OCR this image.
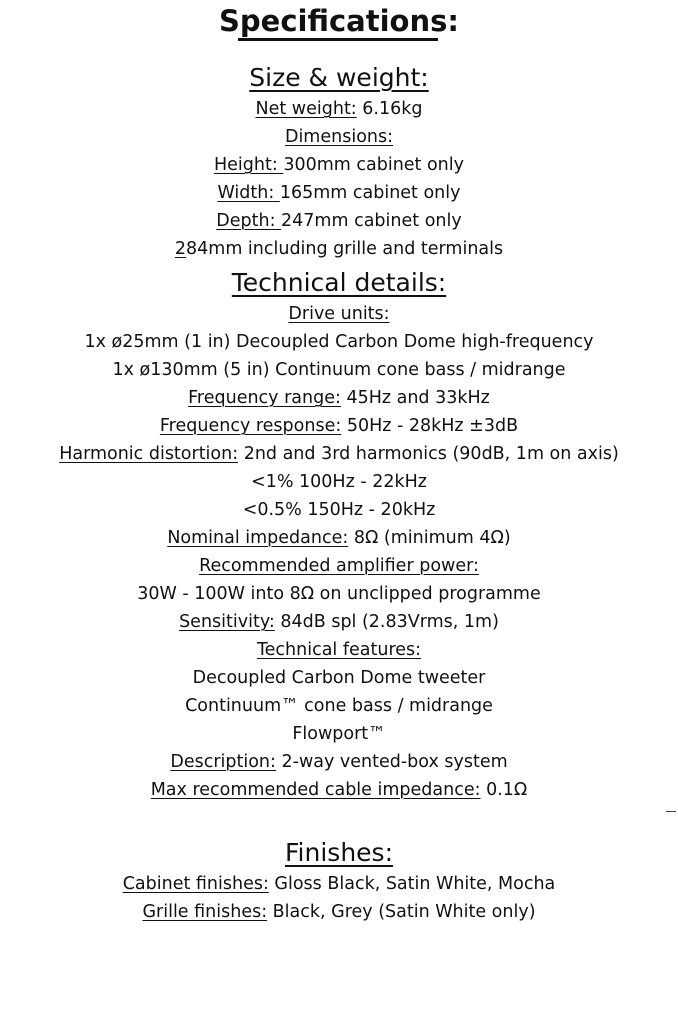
Specifications:
Size & weight:
Net weight: 6.16kg
Dimensions:
Height: 300mm cabinet only
Width: 165mm cabinet only
Depth: 247mm cabinet only
284mm including grille and terminals
Technical details:
Drive units:
1x ø25mm (1 in) Decoupled Carbon Dome high-frequency
1x ø130mm (5 in) Continuum cone bass / midrange
Frequency range: 45Hz and 33kHz
Frequency response: 50Hz - 28kHz ±3dB
Harmonic distortion: 2nd and 3rd harmonics (90dB, 1m on axis)
<1% 100Hz - 22kHz
<0.5% 150Hz - 20kHz
Nominal impedance: 8Ω (minimum 4Ω)
Recommended amplifier power:
30W - 100W into 8Ω on unclipped programme
Sensitivity: 84dB spl (2.83Vrms, 1m)
Technical features:
Decoupled Carbon Dome tweeter
Continuum™ cone bass / midrange
Flowport™
Description: 2-way vented-box system
Max recommended cable impedance: 0.1Ω
Finishes:
Cabinet finishes: Gloss Black, Satin White, Mocha
Grille finishes: Black, Grey (Satin White only)
